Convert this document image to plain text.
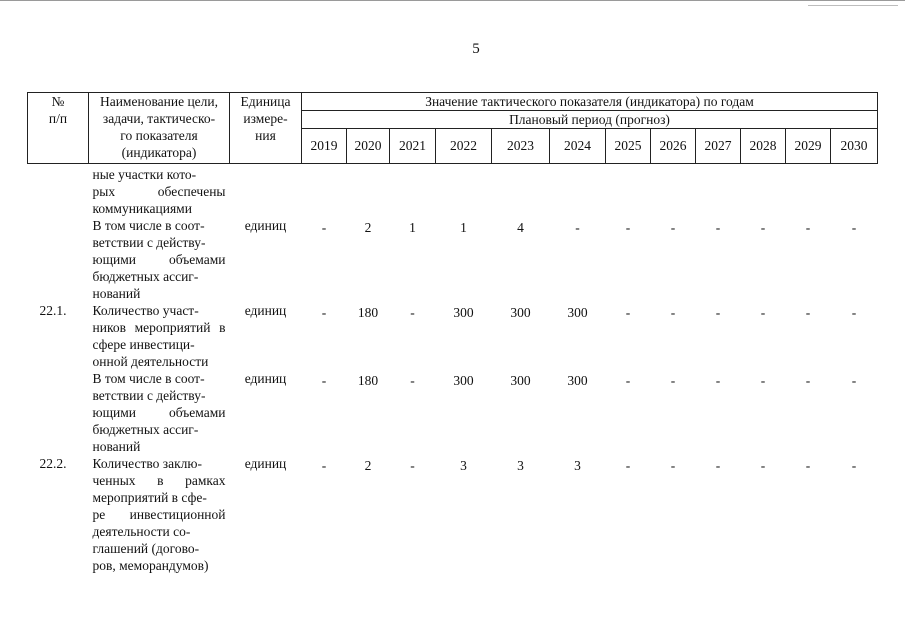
5
№
п/п	Наименование цели, задачи, тактическо-
го показателя (индикатора)	Единица измере-
ния	Значение тактического показателя (индикатора) по годам											
			Плановый период (прогноз)											
			2019	2020	2021	2022	2023	2024	2025	2026	2027	2028	2029	2030
	ные участки кото-
рых обеспечены коммуникациями													
	В том числе в соот-
ветствии с действу-
ющими объемами бюджетных ассиг-
нований	единиц	-	2	1	1	4	-	-	-	-	-	-	-
22.1.	Количество участ-
ников мероприятий в сфере инвестици-
онной деятельности	единиц	-	180	-	300	300	300	-	-	-	-	-	-
	В том числе в соот-
ветствии с действу-
ющими объемами бюджетных ассиг-
нований	единиц	-	180	-	300	300	300	-	-	-	-	-	-
22.2.	Количество заклю-
ченных в рамках мероприятий в сфе-
ре инвестиционной деятельности со-
глашений (догово-
ров, меморандумов)	единиц	-	2	-	3	3	3	-	-	-	-	-	-
